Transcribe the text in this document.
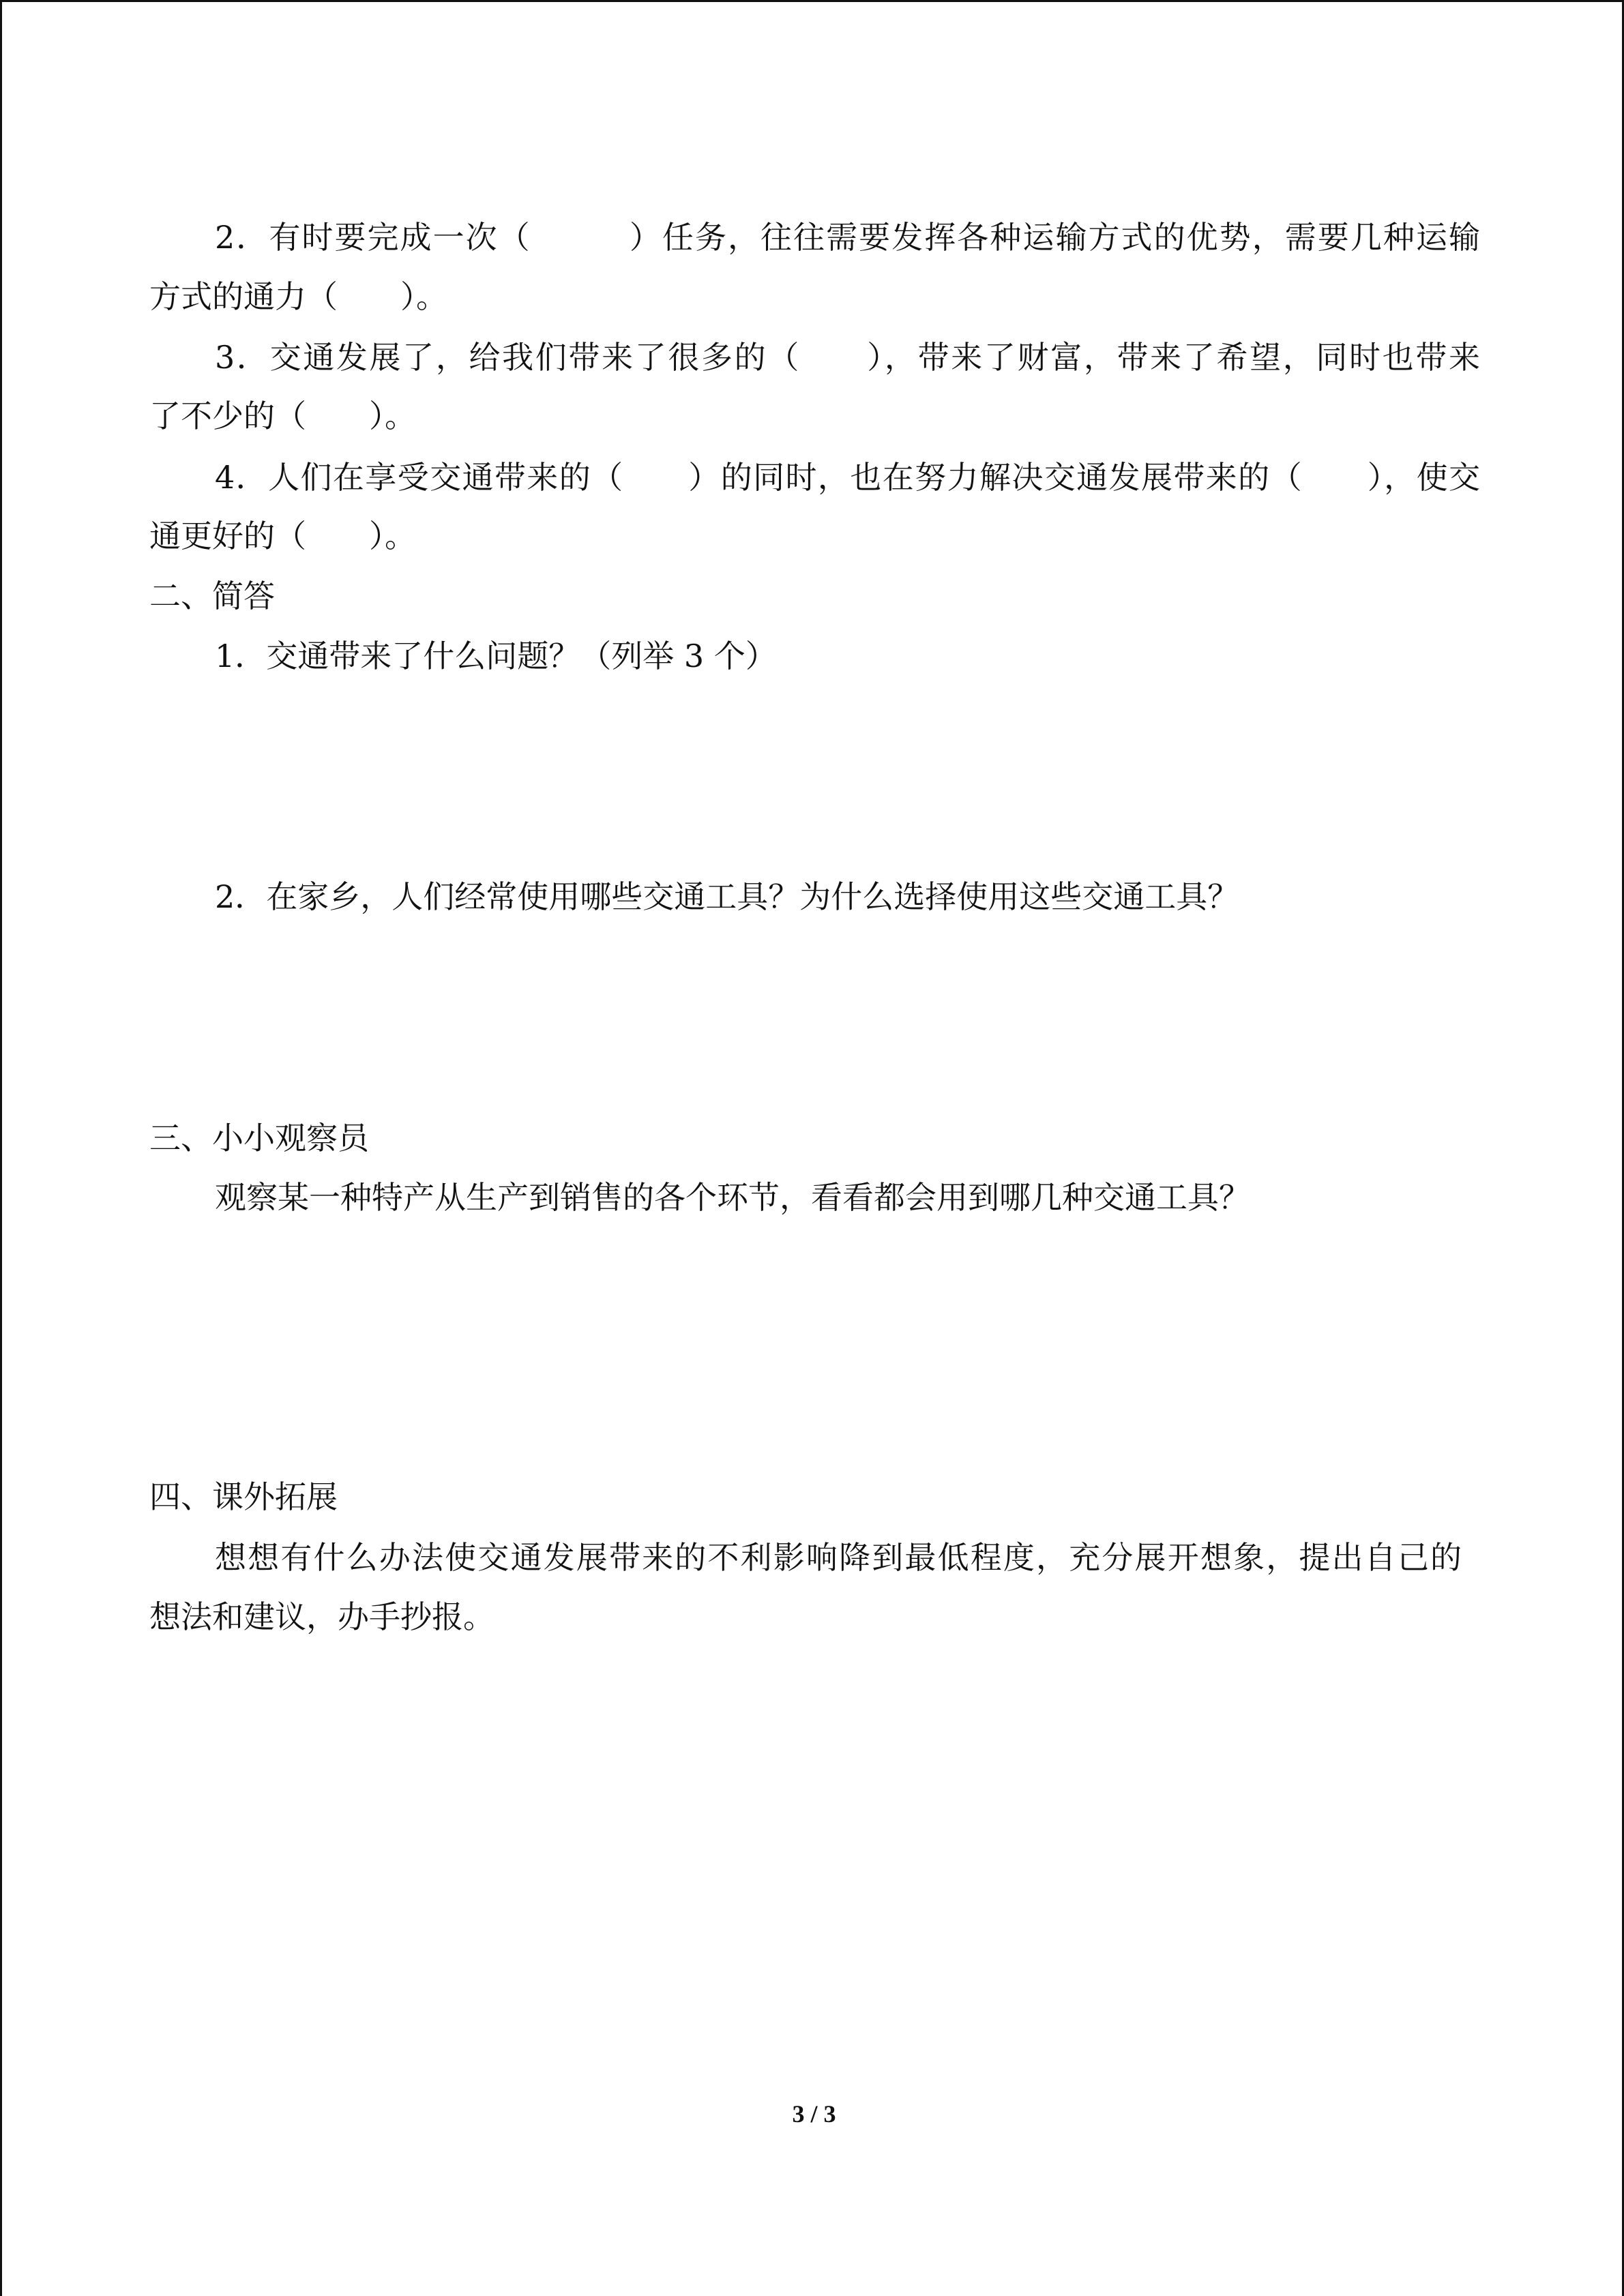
2．有时要完成一次（　　　）任务，往往需要发挥各种运输方式的优势，需要几种运输
方式的通力（　　）。
3．交通发展了，给我们带来了很多的（　　），带来了财富，带来了希望，同时也带来
了不少的（　　）。
4．人们在享受交通带来的（　　）的同时，也在努力解决交通发展带来的（　　），使交
通更好的（　　）。
二、简答
1．交通带来了什么问题？（列举 3 个）
2．在家乡，人们经常使用哪些交通工具？为什么选择使用这些交通工具？
三、小小观察员
观察某一种特产从生产到销售的各个环节，看看都会用到哪几种交通工具？
四、课外拓展
想想有什么办法使交通发展带来的不利影响降到最低程度，充分展开想象，提出自己的
想法和建议，办手抄报。
3 / 3
